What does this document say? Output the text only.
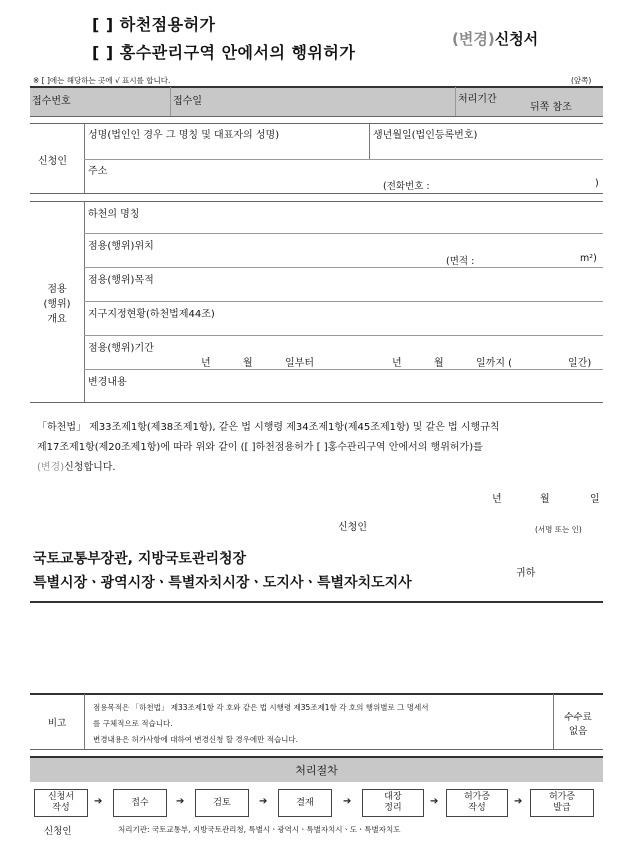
[ ] 하천점용허가
[ ] 홍수관리구역 안에서의 행위허가
(변경)신청서
※ [ ]에는 해당하는 곳에 √ 표시를 합니다.	(앞쪽)
접수번호	접수일	처리기간
뒤쪽 참조
신청인
성명(법인인 경우 그 명칭 및 대표자의 성명)	생년월일(법인등록번호)
주소
(전화번호 :	)
점용
(행위)
개요
하천의 명칭
점용(행위)위치
(면적 :	m²)
점용(행위)목적
지구지정현황(하천법제44조)
점용(행위)기간
년	월	일부터	년	월	일까지 (	일간)
변경내용
「하천법」 제33조제1항(제38조제1항), 같은 법 시행령 제34조제1항(제45조제1항) 및 같은 법 시행규칙
제17조제1항(제20조제1항)에 따라 위와 같이 ([ ]하천점용허가 [ ]홍수관리구역 안에서의 행위허가)를
(변경)신청합니다.
년	월	일
신청인	(서명 또는 인)
국토교통부장관, 지방국토관리청장
특별시장ㆍ광역시장ㆍ특별자치시장ㆍ도지사ㆍ특별자치도지사
귀하
비고
점용목적은 「하천법」 제33조제1항 각 호와 같은 법 시행령 제35조제1항 각 호의 행위별로 그 명세서
를 구체적으로 적습니다.
변경내용은 허가사항에 대하여 변경신청 할 경우에만 적습니다.
수수료
없음
처리절차
신청서
작성
➔	접수	➔	검토	➔	결재	➔	대장
정리
➔	허가증
작성
➔	허가증
발급
신청인	처리기관: 국토교통부, 지방국토관리청, 특별시ㆍ광역시ㆍ특별자치시ㆍ도ㆍ특별자치도
